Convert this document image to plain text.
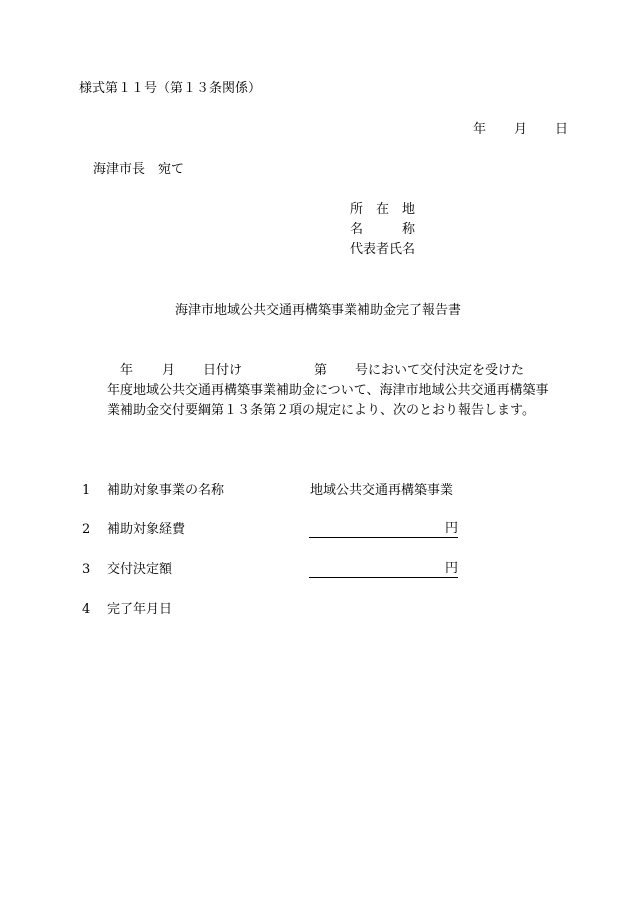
様式第１１号（第１３条関係）
年 月 日
海津市長　宛て
所　在　地
名　　　称
代表者氏名
海津市地域公共交通再構築事業補助金完了報告書
年 月 日付け	第 号において交付決定を受けた
年度地域公共交通再構築事業補助金について、海津市地域公共交通再構築事
業補助金交付要綱第１３条第２項の規定により、次のとおり報告します。
1 補助対象事業の名称	地域公共交通再構築事業
2 補助対象経費	円
3 交付決定額	円
4 完了年月日
